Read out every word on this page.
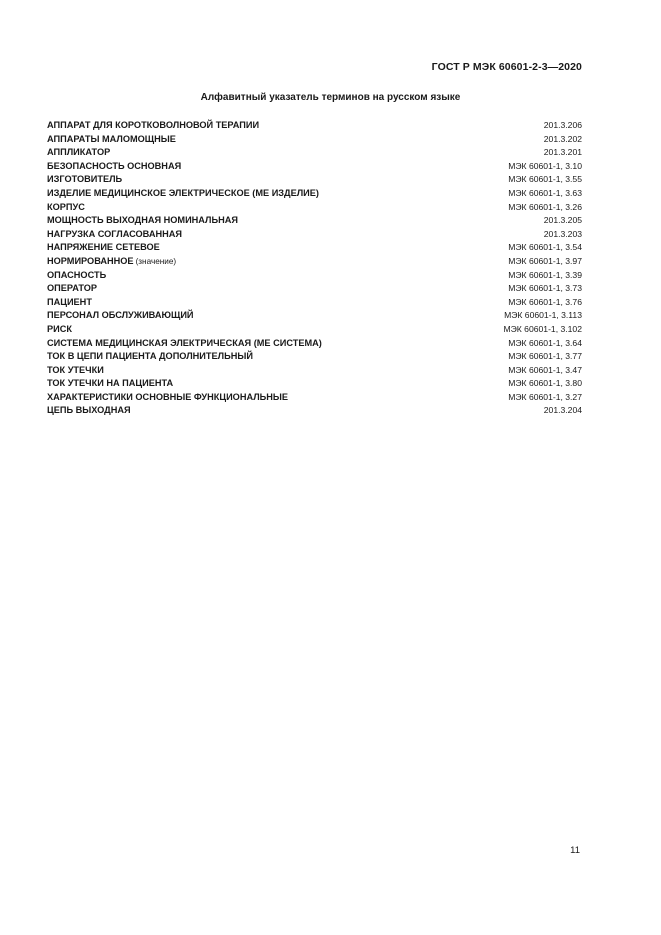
ГОСТ Р МЭК 60601-2-3—2020
Алфавитный указатель терминов на русском языке
АППАРАТ ДЛЯ КОРОТКОВОЛНОВОЙ ТЕРАПИИ	201.3.206
АППАРАТЫ МАЛОМОЩНЫЕ	201.3.202
АППЛИКАТОР	201.3.201
БЕЗОПАСНОСТЬ ОСНОВНАЯ	МЭК 60601-1, 3.10
ИЗГОТОВИТЕЛЬ	МЭК 60601-1, 3.55
ИЗДЕЛИЕ МЕДИЦИНСКОЕ ЭЛЕКТРИЧЕСКОЕ (МЕ ИЗДЕЛИЕ)	МЭК 60601-1, 3.63
КОРПУС	МЭК 60601-1, 3.26
МОЩНОСТЬ ВЫХОДНАЯ НОМИНАЛЬНАЯ	201.3.205
НАГРУЗКА СОГЛАСОВАННАЯ	201.3.203
НАПРЯЖЕНИЕ СЕТЕВОЕ	МЭК 60601-1, 3.54
НОРМИРОВАННОЕ (значение)	МЭК 60601-1, 3.97
ОПАСНОСТЬ	МЭК 60601-1, 3.39
ОПЕРАТОР	МЭК 60601-1, 3.73
ПАЦИЕНТ	МЭК 60601-1, 3.76
ПЕРСОНАЛ ОБСЛУЖИВАЮЩИЙ	МЭК 60601-1, 3.113
РИСК	МЭК 60601-1, 3.102
СИСТЕМА МЕДИЦИНСКАЯ ЭЛЕКТРИЧЕСКАЯ (МЕ СИСТЕМА)	МЭК 60601-1, 3.64
ТОК В ЦЕПИ ПАЦИЕНТА ДОПОЛНИТЕЛЬНЫЙ	МЭК 60601-1, 3.77
ТОК УТЕЧКИ	МЭК 60601-1, 3.47
ТОК УТЕЧКИ НА ПАЦИЕНТА	МЭК 60601-1, 3.80
ХАРАКТЕРИСТИКИ ОСНОВНЫЕ ФУНКЦИОНАЛЬНЫЕ	МЭК 60601-1, 3.27
ЦЕПЬ ВЫХОДНАЯ	201.3.204
11
